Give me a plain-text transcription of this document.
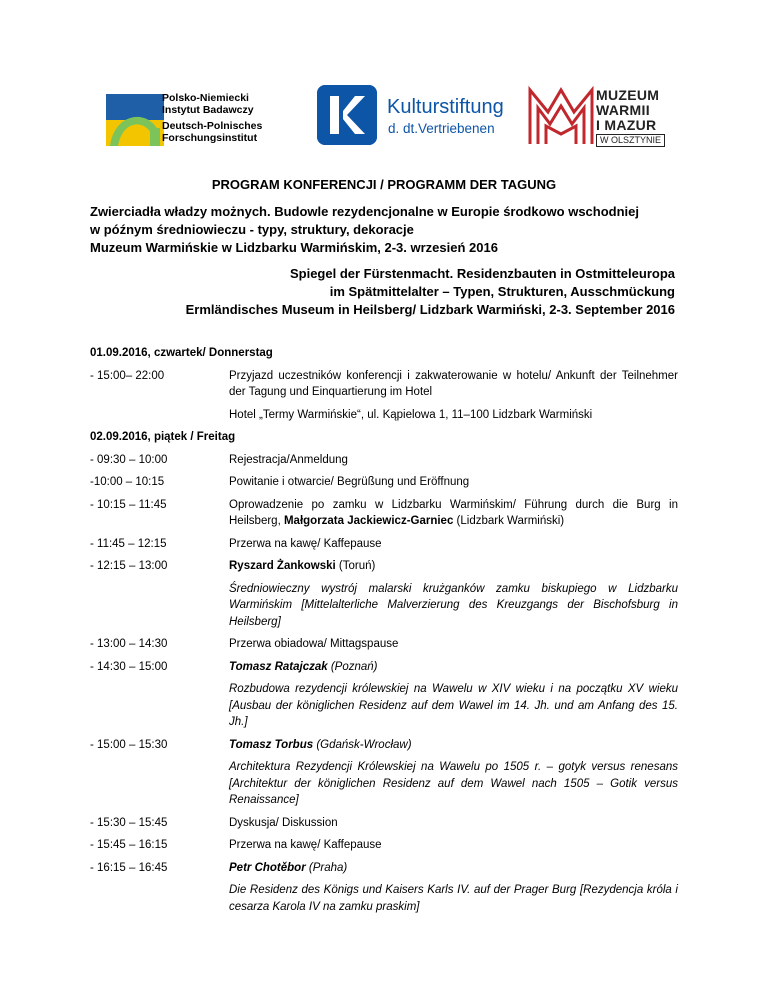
Polsko-Niemiecki
Instytut Badawczy
Deutsch-Polnisches
Forschungsinstitut
Kulturstiftung
d. dt.Vertriebenen
MUZEUM
WARMII
I MAZUR
W OLSZTYNIE
PROGRAM KONFERENCJI / PROGRAMM DER TAGUNG
Zwierciadła władzy możnych. Budowle rezydencjonalne w Europie środkowo wschodniej
w późnym średniowieczu - typy, struktury, dekoracje
Muzeum Warmińskie w Lidzbarku Warmińskim, 2-3. wrzesień 2016
Spiegel der Fürstenmacht. Residenzbauten in Ostmitteleuropa
im Spätmittelalter – Typen, Strukturen, Ausschmückung
Ermländisches Museum in Heilsberg/ Lidzbark Warmiński, 2-3. September 2016
01.09.2016, czwartek/ Donnerstag
- 15:00– 22:00	Przyjazd uczestników konferencji i zakwaterowanie w hotelu/ Ankunft der Teilnehmer der Tagung und Einquartierung im Hotel
Hotel „Termy Warmińskie“, ul. Kąpielowa 1, 11–100 Lidzbark Warmiński
02.09.2016, piątek / Freitag
- 09:30 – 10:00	Rejestracja/Anmeldung
-10:00 – 10:15	Powitanie i otwarcie/ Begrüßung und Eröffnung
- 10:15 – 11:45	Oprowadzenie po zamku w Lidzbarku Warmińskim/ Führung durch die Burg in Heilsberg, Małgorzata Jackiewicz-Garniec (Lidzbark Warmiński)
- 11:45 – 12:15	Przerwa na kawę/ Kaffepause
- 12:15 – 13:00	Ryszard Żankowski (Toruń)
Średniowieczny wystrój malarski krużganków zamku biskupiego w Lidzbarku Warmińskim [Mittelalterliche Malverzierung des Kreuzgangs der Bischofsburg in Heilsberg]
- 13:00 – 14:30	Przerwa obiadowa/ Mittagspause
- 14:30 – 15:00	Tomasz Ratajczak (Poznań)
Rozbudowa rezydencji królewskiej na Wawelu w XIV wieku i na początku XV wieku [Ausbau der königlichen Residenz auf dem Wawel im 14. Jh. und am Anfang des 15. Jh.]
- 15:00 – 15:30	Tomasz Torbus (Gdańsk-Wrocław)
Architektura Rezydencji Królewskiej na Wawelu po 1505 r. – gotyk versus renesans [Architektur der königlichen Residenz auf dem Wawel nach 1505 – Gotik versus Renaissance]
- 15:30 – 15:45	Dyskusja/ Diskussion
- 15:45 – 16:15	Przerwa na kawę/ Kaffepause
- 16:15 – 16:45	Petr Chotěbor (Praha)
Die Residenz des Königs und Kaisers Karls IV. auf der Prager Burg [Rezydencja króla i cesarza Karola IV na zamku praskim]
